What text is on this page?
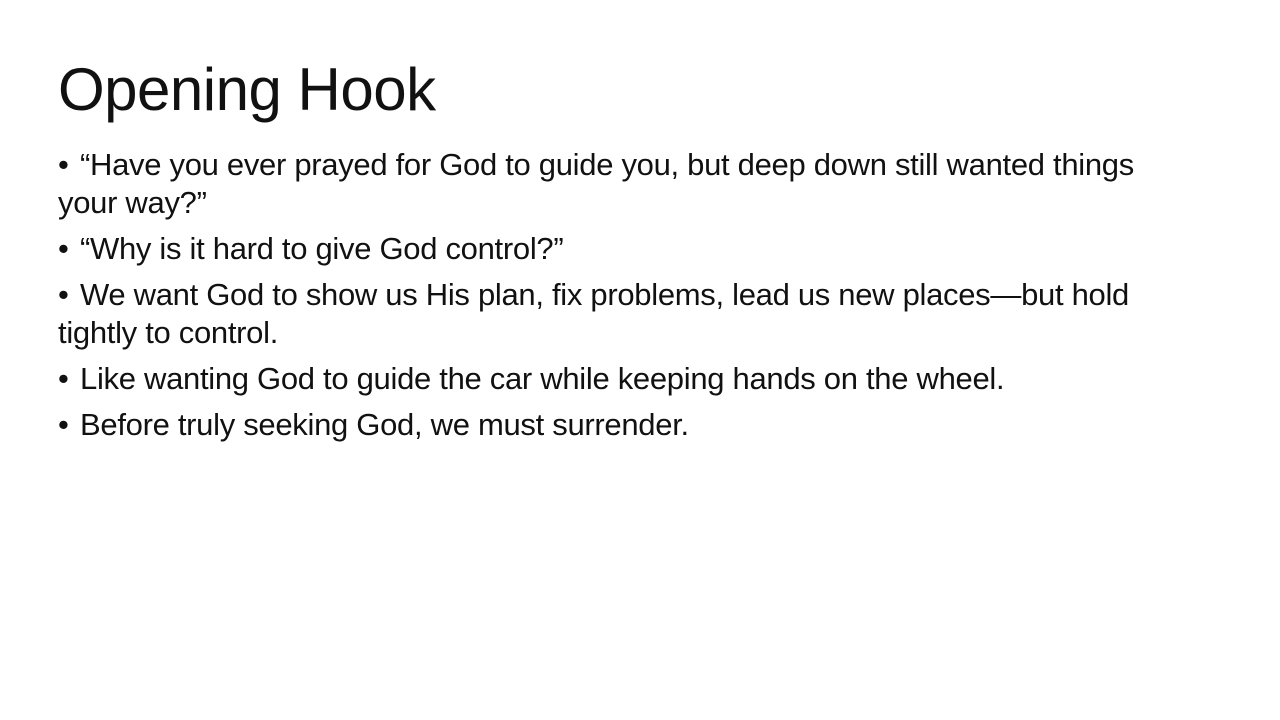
Opening Hook
• “Have you ever prayed for God to guide you, but deep down still wanted things your way?”
• “Why is it hard to give God control?”
• We want God to show us His plan, fix problems, lead us new places—but hold tightly to control.
• Like wanting God to guide the car while keeping hands on the wheel.
• Before truly seeking God, we must surrender.
